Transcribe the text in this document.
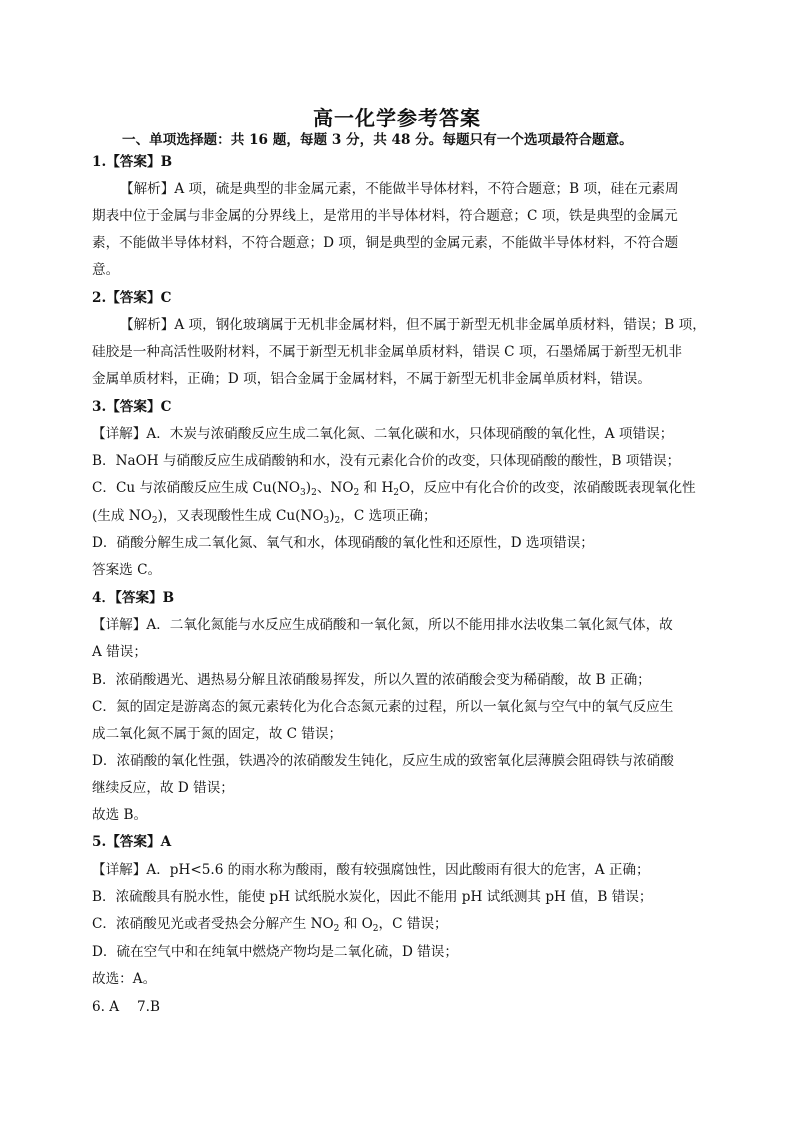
高一化学参考答案
一、单项选择题：共 16 题，每题 3 分，共 48 分。每题只有一个选项最符合题意。
1.【答案】B
【解析】A 项，硫是典型的非金属元素，不能做半导体材料，不符合题意；B 项，硅在元素周
期表中位于金属与非金属的分界线上，是常用的半导体材料，符合题意；C 项，铁是典型的金属元
素，不能做半导体材料，不符合题意；D 项，铜是典型的金属元素，不能做半导体材料，不符合题
意。
2.【答案】C
【解析】A 项，钢化玻璃属于无机非金属材料，但不属于新型无机非金属单质材料，错误；B 项，
硅胶是一种高活性吸附材料，不属于新型无机非金属单质材料，错误 C 项，石墨烯属于新型无机非
金属单质材料，正确；D 项，铝合金属于金属材料，不属于新型无机非金属单质材料，错误。
3.【答案】C
【详解】A．木炭与浓硝酸反应生成二氧化氮、二氧化碳和水，只体现硝酸的氧化性，A 项错误；
B．NaOH 与硝酸反应生成硝酸钠和水，没有元素化合价的改变，只体现硝酸的酸性，B 项错误；
C．Cu 与浓硝酸反应生成 $Cu(NO_3)_2$、$NO_2$ 和 $H_2O$，反应中有化合价的改变，浓硝酸既表现氧化性
(生成 $NO_2$)，又表现酸性生成 $Cu(NO_3)_2$，C 选项正确；
D．硝酸分解生成二氧化氮、氧气和水，体现硝酸的氧化性和还原性，D 选项错误；
答案选 C。
4．【答案】B
【详解】A．二氧化氮能与水反应生成硝酸和一氧化氮，所以不能用排水法收集二氧化氮气体，故
A 错误；
B．浓硝酸遇光、遇热易分解且浓硝酸易挥发，所以久置的浓硝酸会变为稀硝酸，故 B 正确；
C．氮的固定是游离态的氮元素转化为化合态氮元素的过程，所以一氧化氮与空气中的氧气反应生
成二氧化氮不属于氮的固定，故 C 错误；
D．浓硝酸的氧化性强，铁遇冷的浓硝酸发生钝化，反应生成的致密氧化层薄膜会阻碍铁与浓硝酸
继续反应，故 D 错误；
故选 B。
5.【答案】A
【详解】A．pH<5.6 的雨水称为酸雨，酸有较强腐蚀性，因此酸雨有很大的危害，A 正确；
B．浓硫酸具有脱水性，能使 pH 试纸脱水炭化，因此不能用 pH 试纸测其 pH 值，B 错误；
C．浓硝酸见光或者受热会分解产生 $NO_2$ 和 $O_2$，C 错误；
D．硫在空气中和在纯氧中燃烧产物均是二氧化硫，D 错误；
故选：A。
6. A　 7.B
